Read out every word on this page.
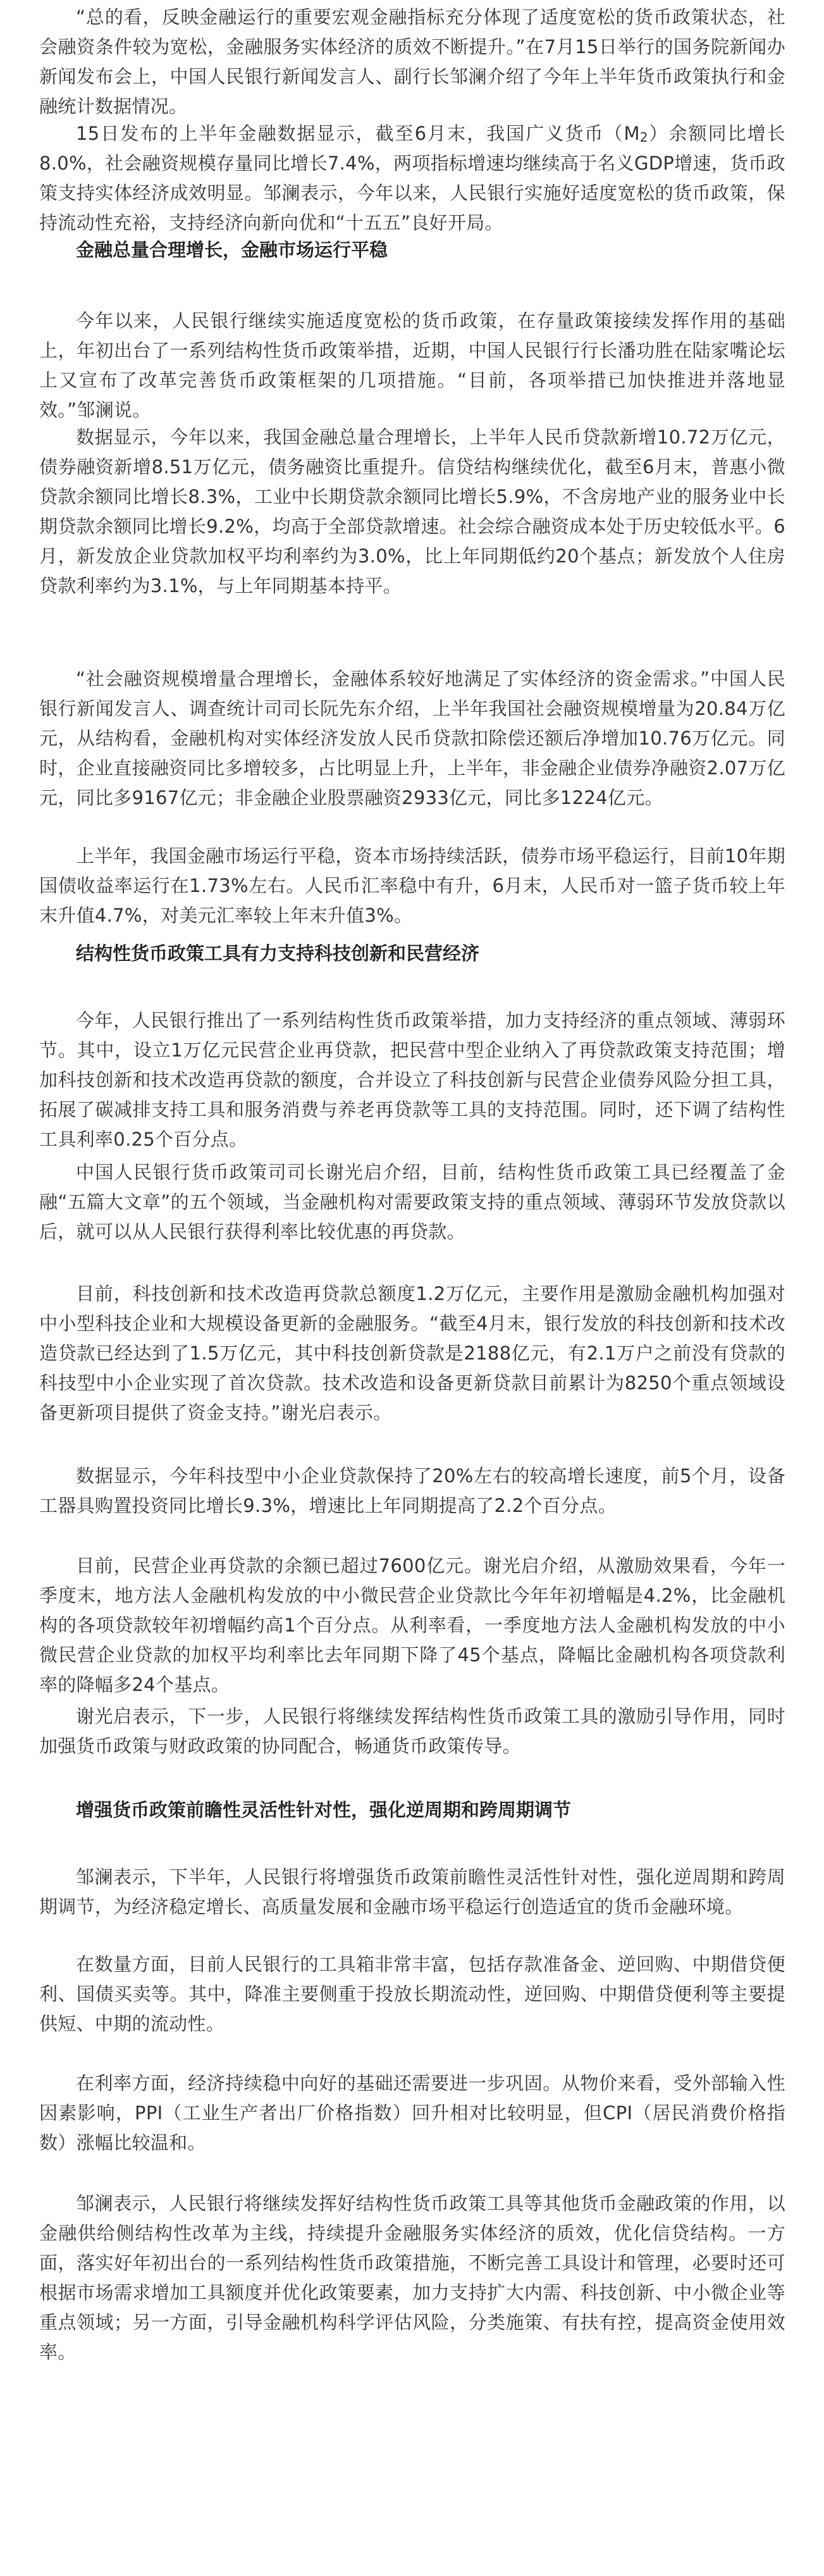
“总的看，反映金融运行的重要宏观金融指标充分体现了适度宽松的货币政策状态，社会融资条件较为宽松，金融服务实体经济的质效不断提升。”在7月15日举行的国务院新闻办新闻发布会上，中国人民银行新闻发言人、副行长邹澜介绍了今年上半年货币政策执行和金融统计数据情况。

15日发布的上半年金融数据显示，截至6月末，我国广义货币$(M_2)$余额同比增长8.0%，社会融资规模存量同比增长7.4%，两项指标增速均继续高于名义GDP增速，货币政策支持实体经济成效明显。邹澜表示，今年以来，人民银行实施好适度宽松的货币政策，保持流动性充裕，支持经济向新向优和“十五五”良好开局。

金融总量合理增长，金融市场运行平稳

今年以来，人民银行继续实施适度宽松的货币政策，在存量政策接续发挥作用的基础上，年初出台了一系列结构性货币政策举措，近期，中国人民银行行长潘功胜在陆家嘴论坛上又宣布了改革完善货币政策框架的几项措施。“目前，各项举措已加快推进并落地显效。”邹澜说。

数据显示，今年以来，我国金融总量合理增长，上半年人民币贷款新增10.72万亿元，债券融资新增8.51万亿元，债务融资比重提升。信贷结构继续优化，截至6月末，普惠小微贷款余额同比增长8.3%，工业中长期贷款余额同比增长5.9%，不含房地产业的服务业中长期贷款余额同比增长9.2%，均高于全部贷款增速。社会综合融资成本处于历史较低水平。6月，新发放企业贷款加权平均利率约为3.0%，比上年同期低约20个基点；新发放个人住房贷款利率约为3.1%，与上年同期基本持平。

“社会融资规模增量合理增长，金融体系较好地满足了实体经济的资金需求。”中国人民银行新闻发言人、调查统计司司长阮先东介绍，上半年我国社会融资规模增量为20.84万亿元，从结构看，金融机构对实体经济发放人民币贷款扣除偿还额后净增加10.76万亿元。同时，企业直接融资同比多增较多，占比明显上升，上半年，非金融企业债券净融资2.07万亿元，同比多9167亿元；非金融企业股票融资2933亿元，同比多1224亿元。

上半年，我国金融市场运行平稳，资本市场持续活跃，债券市场平稳运行，目前10年期国债收益率运行在1.73%左右。人民币汇率稳中有升，6月末，人民币对一篮子货币较上年末升值4.7%，对美元汇率较上年末升值3%。

结构性货币政策工具有力支持科技创新和民营经济

今年，人民银行推出了一系列结构性货币政策举措，加力支持经济的重点领域、薄弱环节。其中，设立1万亿元民营企业再贷款，把民营中型企业纳入了再贷款政策支持范围；增加科技创新和技术改造再贷款的额度，合并设立了科技创新与民营企业债券风险分担工具，拓展了碳减排支持工具和服务消费与养老再贷款等工具的支持范围。同时，还下调了结构性工具利率0.25个百分点。

中国人民银行货币政策司司长谢光启介绍，目前，结构性货币政策工具已经覆盖了金融“五篇大文章”的五个领域，当金融机构对需要政策支持的重点领域、薄弱环节发放贷款以后，就可以从人民银行获得利率比较优惠的再贷款。

目前，科技创新和技术改造再贷款总额度1.2万亿元，主要作用是激励金融机构加强对中小型科技企业和大规模设备更新的金融服务。“截至4月末，银行发放的科技创新和技术改造贷款已经达到了1.5万亿元，其中科技创新贷款是2188亿元，有2.1万户之前没有贷款的科技型中小企业实现了首次贷款。技术改造和设备更新贷款目前累计为8250个重点领域设备更新项目提供了资金支持。”谢光启表示。

数据显示，今年科技型中小企业贷款保持了20%左右的较高增长速度，前5个月，设备工器具购置投资同比增长9.3%，增速比上年同期提高了2.2个百分点。

目前，民营企业再贷款的余额已超过7600亿元。谢光启介绍，从激励效果看，今年一季度末，地方法人金融机构发放的中小微民营企业贷款比今年年初增幅是4.2%，比金融机构的各项贷款较年初增幅约高1个百分点。从利率看，一季度地方法人金融机构发放的中小微民营企业贷款的加权平均利率比去年同期下降了45个基点，降幅比金融机构各项贷款利率的降幅多24个基点。

谢光启表示，下一步，人民银行将继续发挥结构性货币政策工具的激励引导作用，同时加强货币政策与财政政策的协同配合，畅通货币政策传导。

增强货币政策前瞻性灵活性针对性，强化逆周期和跨周期调节

邹澜表示，下半年，人民银行将增强货币政策前瞻性灵活性针对性，强化逆周期和跨周期调节，为经济稳定增长、高质量发展和金融市场平稳运行创造适宜的货币金融环境。

在数量方面，目前人民银行的工具箱非常丰富，包括存款准备金、逆回购、中期借贷便利、国债买卖等。其中，降准主要侧重于投放长期流动性，逆回购、中期借贷便利等主要提供短、中期的流动性。

在利率方面，经济持续稳中向好的基础还需要进一步巩固。从物价来看，受外部输入性因素影响，PPI（工业生产者出厂价格指数）回升相对比较明显，但CPI（居民消费价格指数）涨幅比较温和。

邹澜表示，人民银行将继续发挥好结构性货币政策工具等其他货币金融政策的作用，以金融供给侧结构性改革为主线，持续提升金融服务实体经济的质效，优化信贷结构。一方面，落实好年初出台的一系列结构性货币政策措施，不断完善工具设计和管理，必要时还可根据市场需求增加工具额度并优化政策要素，加力支持扩大内需、科技创新、中小微企业等重点领域；另一方面，引导金融机构科学评估风险，分类施策、有扶有控，提高资金使用效率。
